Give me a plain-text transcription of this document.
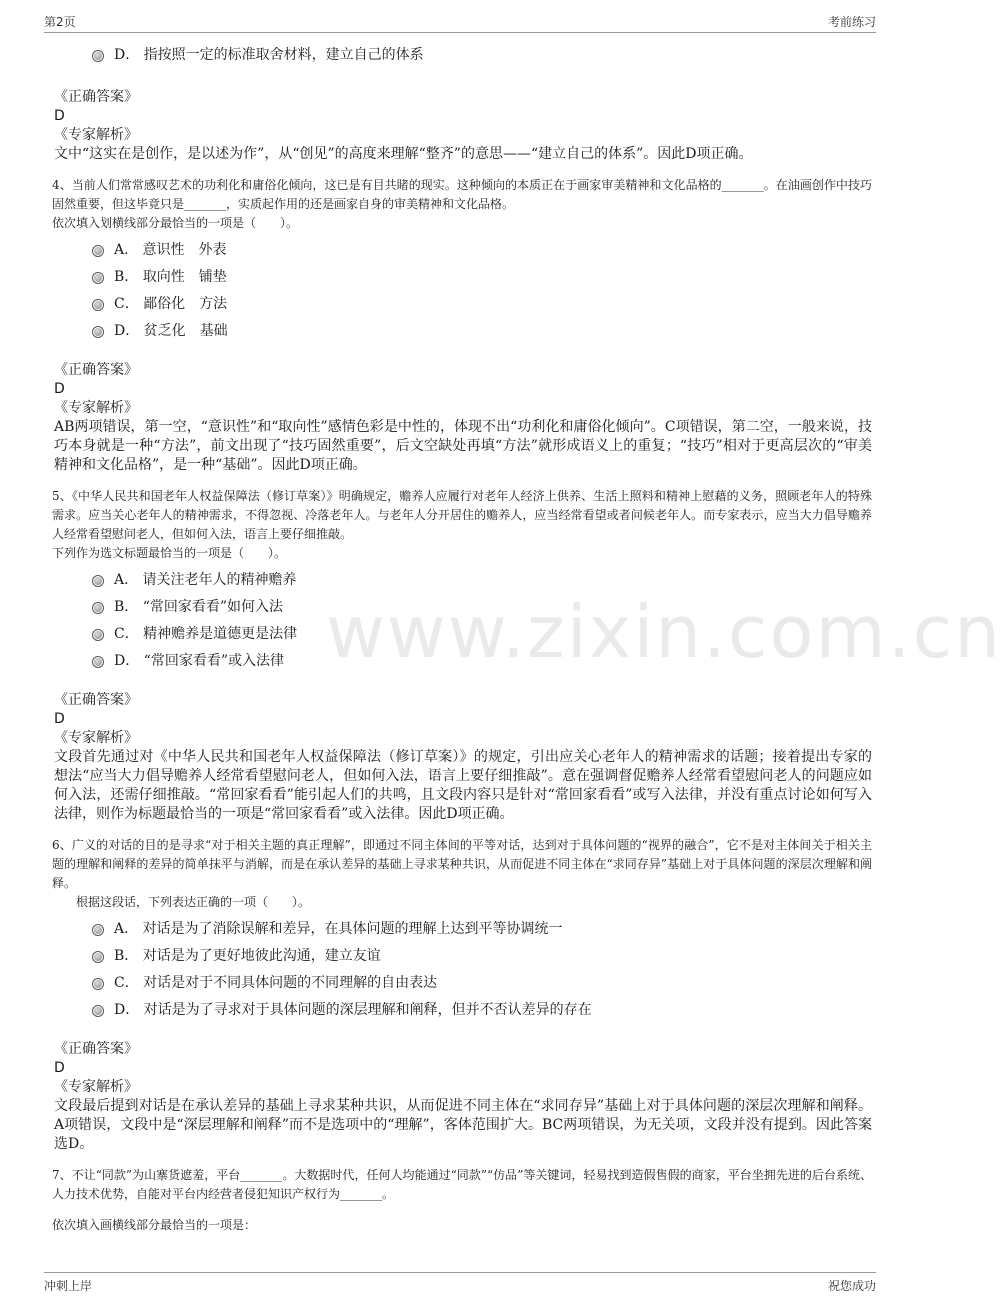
第2页	考前练习
www.zixin.com.cn
D． 指按照一定的标准取舍材料，建立自己的体系
《正确答案》
D
《专家解析》
文中“这实在是创作，是以述为作”，从“创见”的高度来理解“整齐”的意思——“建立自己的体系”。因此D项正确。
4、当前人们常常感叹艺术的功利化和庸俗化倾向，这已是有目共睹的现实。这种倾向的本质正在于画家审美精神和文化品格的_______。在油画创作中技巧固然重要，但这毕竟只是_______，实质起作用的还是画家自身的审美精神和文化品格。
依次填入划横线部分最恰当的一项是（　　）。
A． 意识性　外表
B． 取向性　铺垫
C． 鄙俗化　方法
D． 贫乏化　基础
《正确答案》
D
《专家解析》
AB两项错误，第一空，“意识性”和“取向性”感情色彩是中性的，体现不出“功利化和庸俗化倾向”。C项错误，第二空，一般来说，技巧本身就是一种“方法”，前文出现了“技巧固然重要”，后文空缺处再填“方法”就形成语义上的重复；“技巧”相对于更高层次的“审美精神和文化品格”，是一种“基础”。因此D项正确。
5、《中华人民共和国老年人权益保障法（修订草案）》明确规定，赡养人应履行对老年人经济上供养、生活上照料和精神上慰藉的义务，照顾老年人的特殊需求。应当关心老年人的精神需求，不得忽视、冷落老年人。与老年人分开居住的赡养人，应当经常看望或者问候老年人。而专家表示，应当大力倡导赡养人经常看望慰问老人，但如何入法，语言上要仔细推敲。
下列作为选文标题最恰当的一项是（　　）。
A． 请关注老年人的精神赡养
B． “常回家看看”如何入法
C． 精神赡养是道德更是法律
D． “常回家看看”或入法律
《正确答案》
D
《专家解析》
文段首先通过对《中华人民共和国老年人权益保障法（修订草案）》的规定，引出应关心老年人的精神需求的话题；接着提出专家的想法“应当大力倡导赡养人经常看望慰问老人，但如何入法，语言上要仔细推敲”。意在强调督促赡养人经常看望慰问老人的问题应如何入法，还需仔细推敲。“常回家看看”能引起人们的共鸣，且文段内容只是针对“常回家看看”或写入法律，并没有重点讨论如何写入法律，则作为标题最恰当的一项是“常回家看看”或入法律。因此D项正确。
6、广义的对话的目的是寻求“对于相关主题的真正理解”，即通过不同主体间的平等对话，达到对于具体问题的“视界的融合”，它不是对主体间关于相关主题的理解和阐释的差异的简单抹平与消解，而是在承认差异的基础上寻求某种共识，从而促进不同主体在“求同存异”基础上对于具体问题的深层次理解和阐释。
根据这段话，下列表达正确的一项（　　）。
A． 对话是为了消除误解和差异，在具体问题的理解上达到平等协调统一
B． 对话是为了更好地彼此沟通，建立友谊
C． 对话是对于不同具体问题的不同理解的自由表达
D． 对话是为了寻求对于具体问题的深层理解和阐释，但并不否认差异的存在
《正确答案》
D
《专家解析》
文段最后提到对话是在承认差异的基础上寻求某种共识，从而促进不同主体在“求同存异”基础上对于具体问题的深层次理解和阐释。A项错误，文段中是“深层理解和阐释”而不是选项中的“理解”，客体范围扩大。BC两项错误，为无关项，文段并没有提到。因此答案选D。
7、不让“同款”为山寨货遮羞，平台_______。大数据时代，任何人均能通过“同款”“仿品”等关键词，轻易找到造假售假的商家，平台坐拥先进的后台系统、人力技术优势，自能对平台内经营者侵犯知识产权行为_______。
依次填入画横线部分最恰当的一项是：
冲刺上岸	祝您成功
